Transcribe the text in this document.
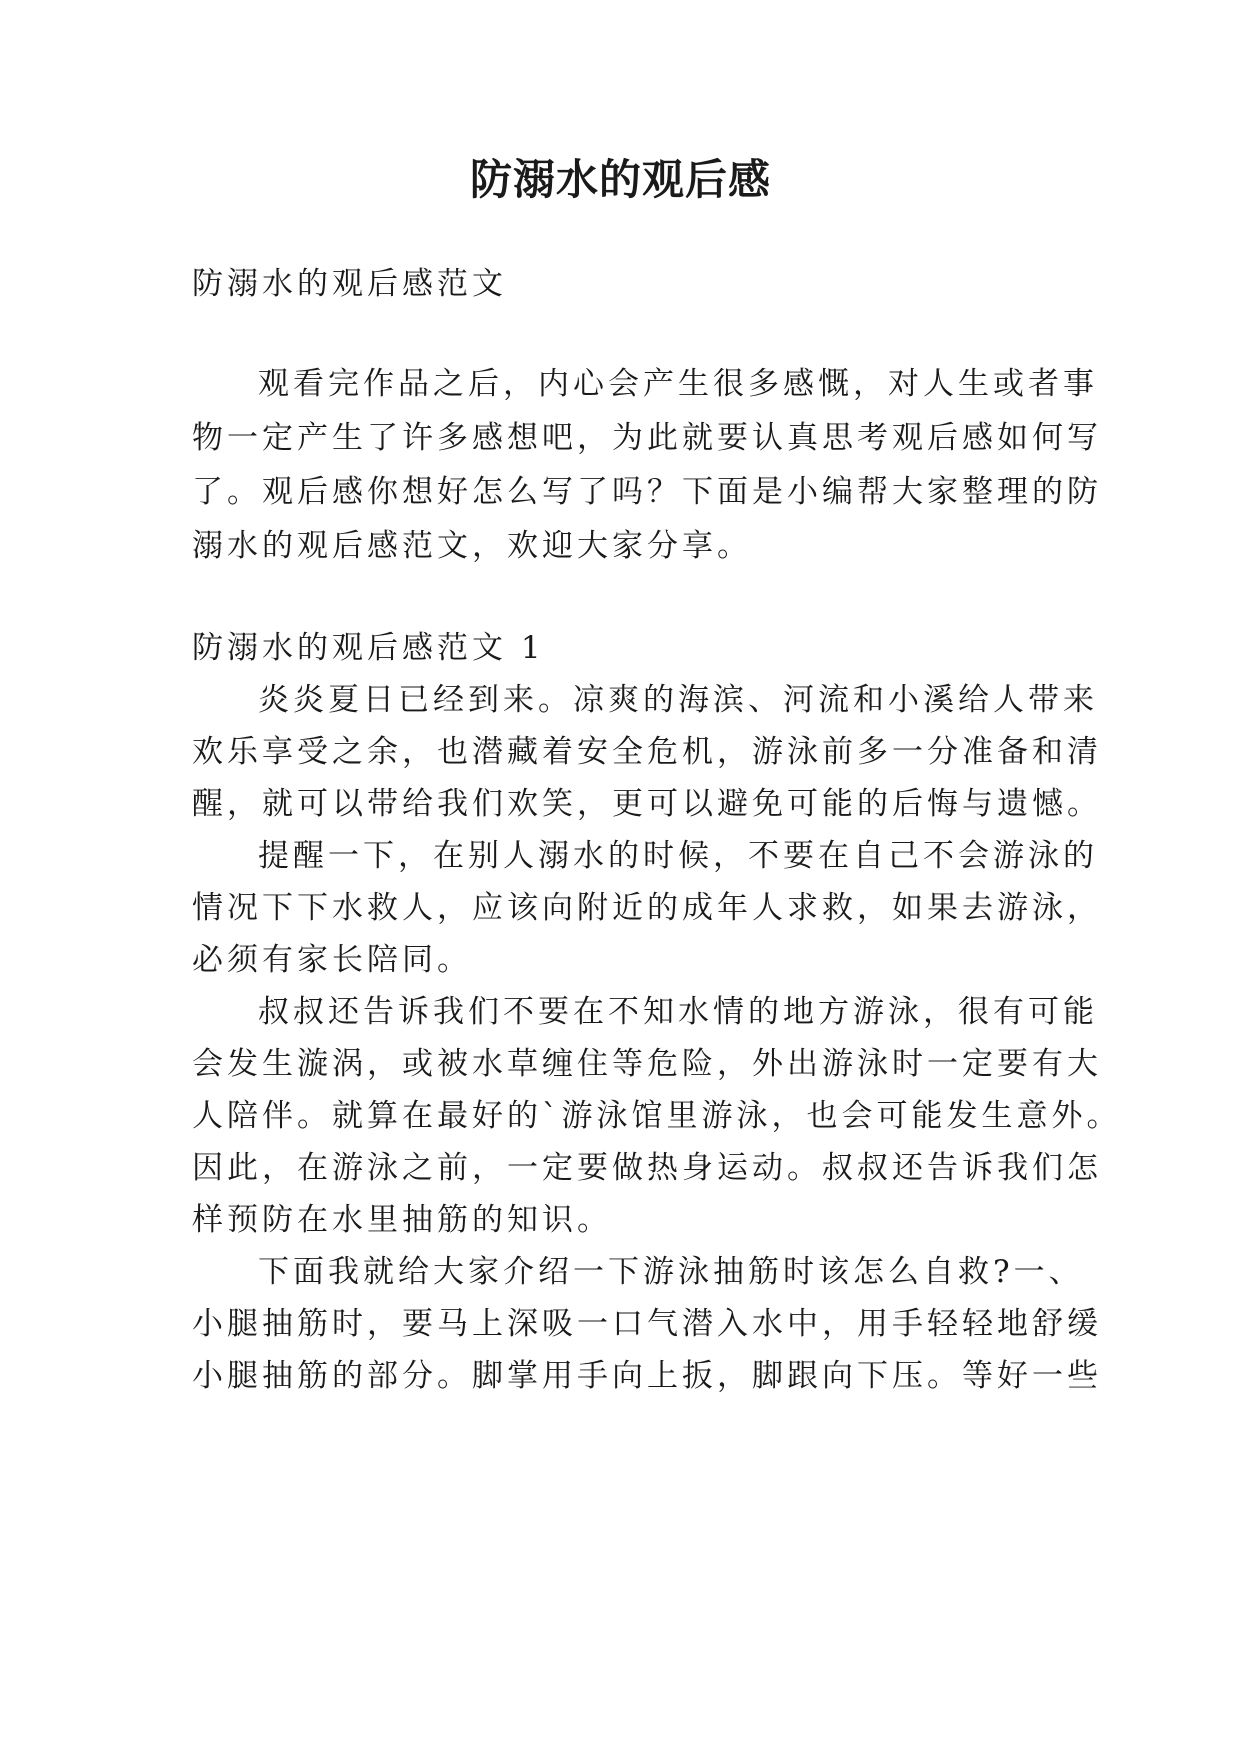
防溺水的观后感
防溺水的观后感范文
观看完作品之后，内心会产生很多感慨，对人生或者事
物一定产生了许多感想吧，为此就要认真思考观后感如何写
了。观后感你想好怎么写了吗？下面是小编帮大家整理的防
溺水的观后感范文，欢迎大家分享。
防溺水的观后感范文 1
炎炎夏日已经到来。凉爽的海滨、河流和小溪给人带来
欢乐享受之余，也潜藏着安全危机，游泳前多一分准备和清
醒，就可以带给我们欢笑，更可以避免可能的后悔与遗憾。
提醒一下，在别人溺水的时候，不要在自己不会游泳的
情况下下水救人，应该向附近的成年人求救，如果去游泳，
必须有家长陪同。
叔叔还告诉我们不要在不知水情的地方游泳，很有可能
会发生漩涡，或被水草缠住等危险，外出游泳时一定要有大
人陪伴。就算在最好的`游泳馆里游泳，也会可能发生意外。
因此，在游泳之前，一定要做热身运动。叔叔还告诉我们怎
样预防在水里抽筋的知识。
下面我就给大家介绍一下游泳抽筋时该怎么自救?一、
小腿抽筋时，要马上深吸一口气潜入水中，用手轻轻地舒缓
小腿抽筋的部分。脚掌用手向上扳，脚跟向下压。等好一些
